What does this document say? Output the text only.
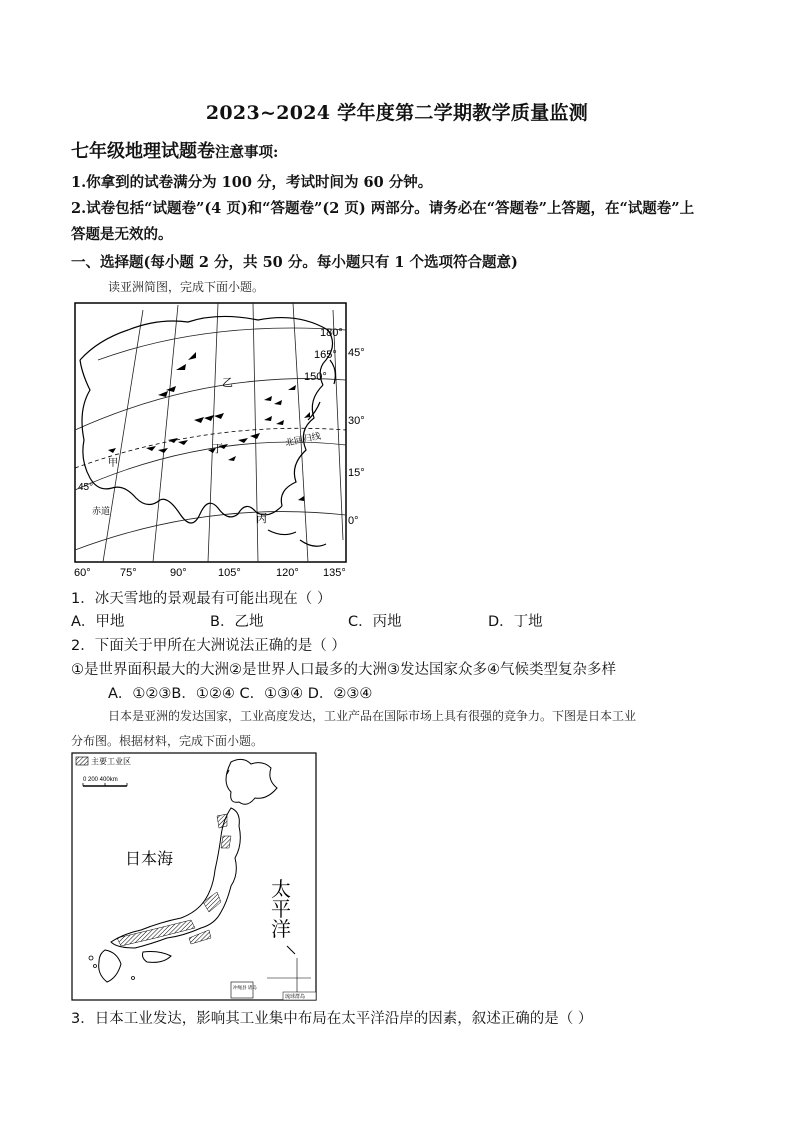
2023~2024 学年度第二学期教学质量监测
七年级地理试题卷注意事项:
1.你拿到的试卷满分为 100 分，考试时间为 60 分钟。
2.试卷包括“试题卷”(4 页)和“答题卷”(2 页) 两部分。请务必在“答题卷”上答题，在“试题卷”上
答题是无效的。
一、选择题(每小题 2 分，共 50 分。每小题只有 1 个选项符合题意)
读亚洲简图，完成下面小题。
乙
丙
丁
甲
北回归线
赤道
45°
45°
30°
15°
0°
180°
165°
150°
60°	75°	90°	105°	120° 135°
1．冰天雪地的景观最有可能出现在（ ）
A．甲地	B．乙地	C．丙地	D．丁地
2．下面关于甲所在大洲说法正确的是（ ）
①是世界面积最大的大洲②是世界人口最多的大洲③发达国家众多④气候类型复杂多样
A．①②③B．①②④ C．①③④ D．②③④
日本是亚洲的发达国家，工业高度发达，工业产品在国际市场上具有很强的竞争力。下图是日本工业
分布图。根据材料，完成下面小题。
主要工业区
0 200 400km
冲绳县 诸岛
琉球群岛
日本海
太
平
洋
3．日本工业发达，影响其工业集中布局在太平洋沿岸的因素，叙述正确的是（ ）
